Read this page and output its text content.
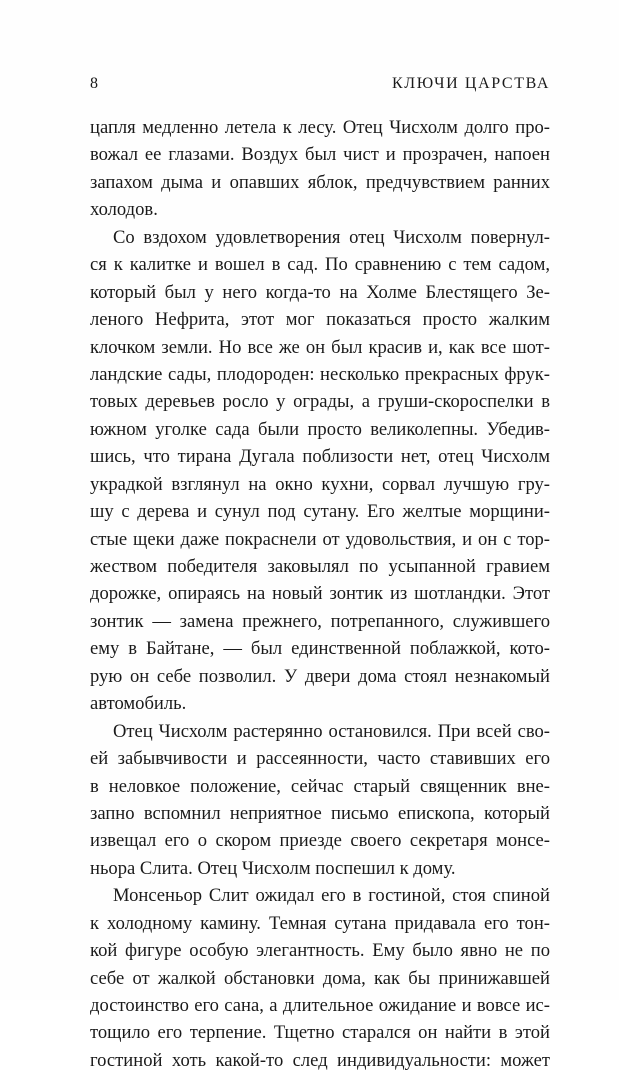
8	КЛЮЧИ ЦАРСТВА
цапля медленно летела к лесу. Отец Чисхолм долго про-
вожал ее глазами. Воздух был чист и прозрачен, напоен
запахом дыма и опавших яблок, предчувствием ранних
холодов.
Со вздохом удовлетворения отец Чисхолм повернул-
ся к калитке и вошел в сад. По сравнению с тем садом,
который был у него когда-то на Холме Блестящего Зе-
леного Нефрита, этот мог показаться просто жалким
клочком земли. Но все же он был красив и, как все шот-
ландские сады, плодороден: несколько прекрасных фрук-
товых деревьев росло у ограды, а груши-скороспелки в
южном уголке сада были просто великолепны. Убедив-
шись, что тирана Дугала поблизости нет, отец Чисхолм
украдкой взглянул на окно кухни, сорвал лучшую гру-
шу с дерева и сунул под сутану. Его желтые морщини-
стые щеки даже покраснели от удовольствия, и он с тор-
жеством победителя заковылял по усыпанной гравием
дорожке, опираясь на новый зонтик из шотландки. Этот
зонтик — замена прежнего, потрепанного, служившего
ему в Байтане, — был единственной поблажкой, кото-
рую он себе позволил. У двери дома стоял незнакомый
автомобиль.
Отец Чисхолм растерянно остановился. При всей сво-
ей забывчивости и рассеянности, часто ставивших его
в неловкое положение, сейчас старый священник вне-
запно вспомнил неприятное письмо епископа, который
извещал его о скором приезде своего секретаря монсе-
ньора Слита. Отец Чисхолм поспешил к дому.
Монсеньор Слит ожидал его в гостиной, стоя спиной
к холодному камину. Темная сутана придавала его тон-
кой фигуре особую элегантность. Ему было явно не по
себе от жалкой обстановки дома, как бы принижавшей
достоинство его сана, а длительное ожидание и вовсе ис-
тощило его терпение. Тщетно старался он найти в этой
гостиной хоть какой-то след индивидуальности: может
